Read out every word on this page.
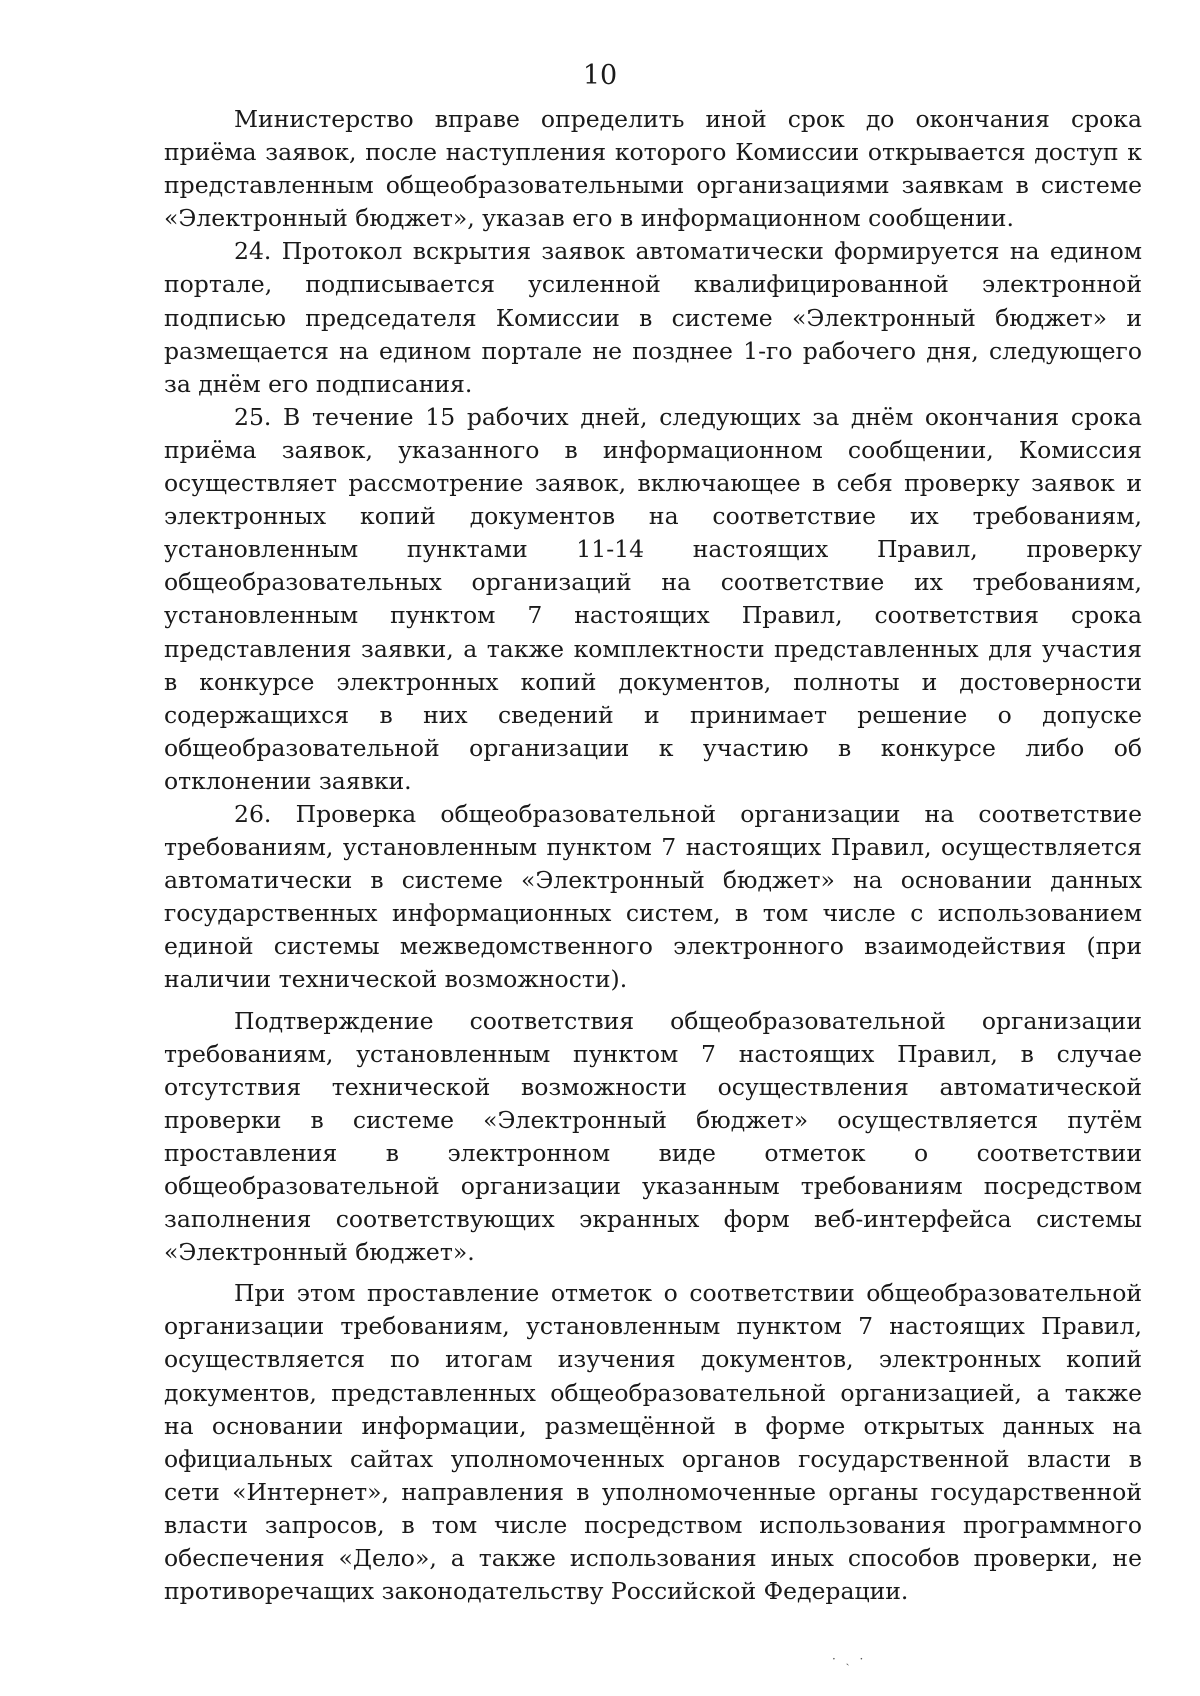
10

Министерство вправе определить иной срок до окончания срока приёма заявок, после наступления которого Комиссии открывается доступ к представленным общеобразовательными организациями заявкам в системе «Электронный бюджет», указав его в информационном сообщении.

24. Протокол вскрытия заявок автоматически формируется на едином портале, подписывается усиленной квалифицированной электронной подписью председателя Комиссии в системе «Электронный бюджет» и размещается на едином портале не позднее 1-го рабочего дня, следующего за днём его подписания.

25. В течение 15 рабочих дней, следующих за днём окончания срока приёма заявок, указанного в информационном сообщении, Комиссия осуществляет рассмотрение заявок, включающее в себя проверку заявок и электронных копий документов на соответствие их требованиям, установленным пунктами 11-14 настоящих Правил, проверку общеобразовательных организаций на соответствие их требованиям, установленным пунктом 7 настоящих Правил, соответствия срока представления заявки, а также комплектности представленных для участия в конкурсе электронных копий документов, полноты и достоверности содержащихся в них сведений и принимает решение о допуске общеобразовательной организации к участию в конкурсе либо об отклонении заявки.

26. Проверка общеобразовательной организации на соответствие требованиям, установленным пунктом 7 настоящих Правил, осуществляется автоматически в системе «Электронный бюджет» на основании данных государственных информационных систем, в том числе с использованием единой системы межведомственного электронного взаимодействия (при наличии технической возможности).

Подтверждение соответствия общеобразовательной организации требованиям, установленным пунктом 7 настоящих Правил, в случае отсутствия технической возможности осуществления автоматической проверки в системе «Электронный бюджет» осуществляется путём проставления в электронном виде отметок о соответствии общеобразовательной организации указанным требованиям посредством заполнения соответствующих экранных форм веб-интерфейса системы «Электронный бюджет».

При этом проставление отметок о соответствии общеобразовательной организации требованиям, установленным пунктом 7 настоящих Правил, осуществляется по итогам изучения документов, электронных копий документов, представленных общеобразовательной организацией, а также на основании информации, размещённой в форме открытых данных на официальных сайтах уполномоченных органов государственной власти в сети «Интернет», направления в уполномоченные органы государственной власти запросов, в том числе посредством использования программного обеспечения «Дело», а также использования иных способов проверки, не противоречащих законодательству Российской Федерации.

· ˏ ·
